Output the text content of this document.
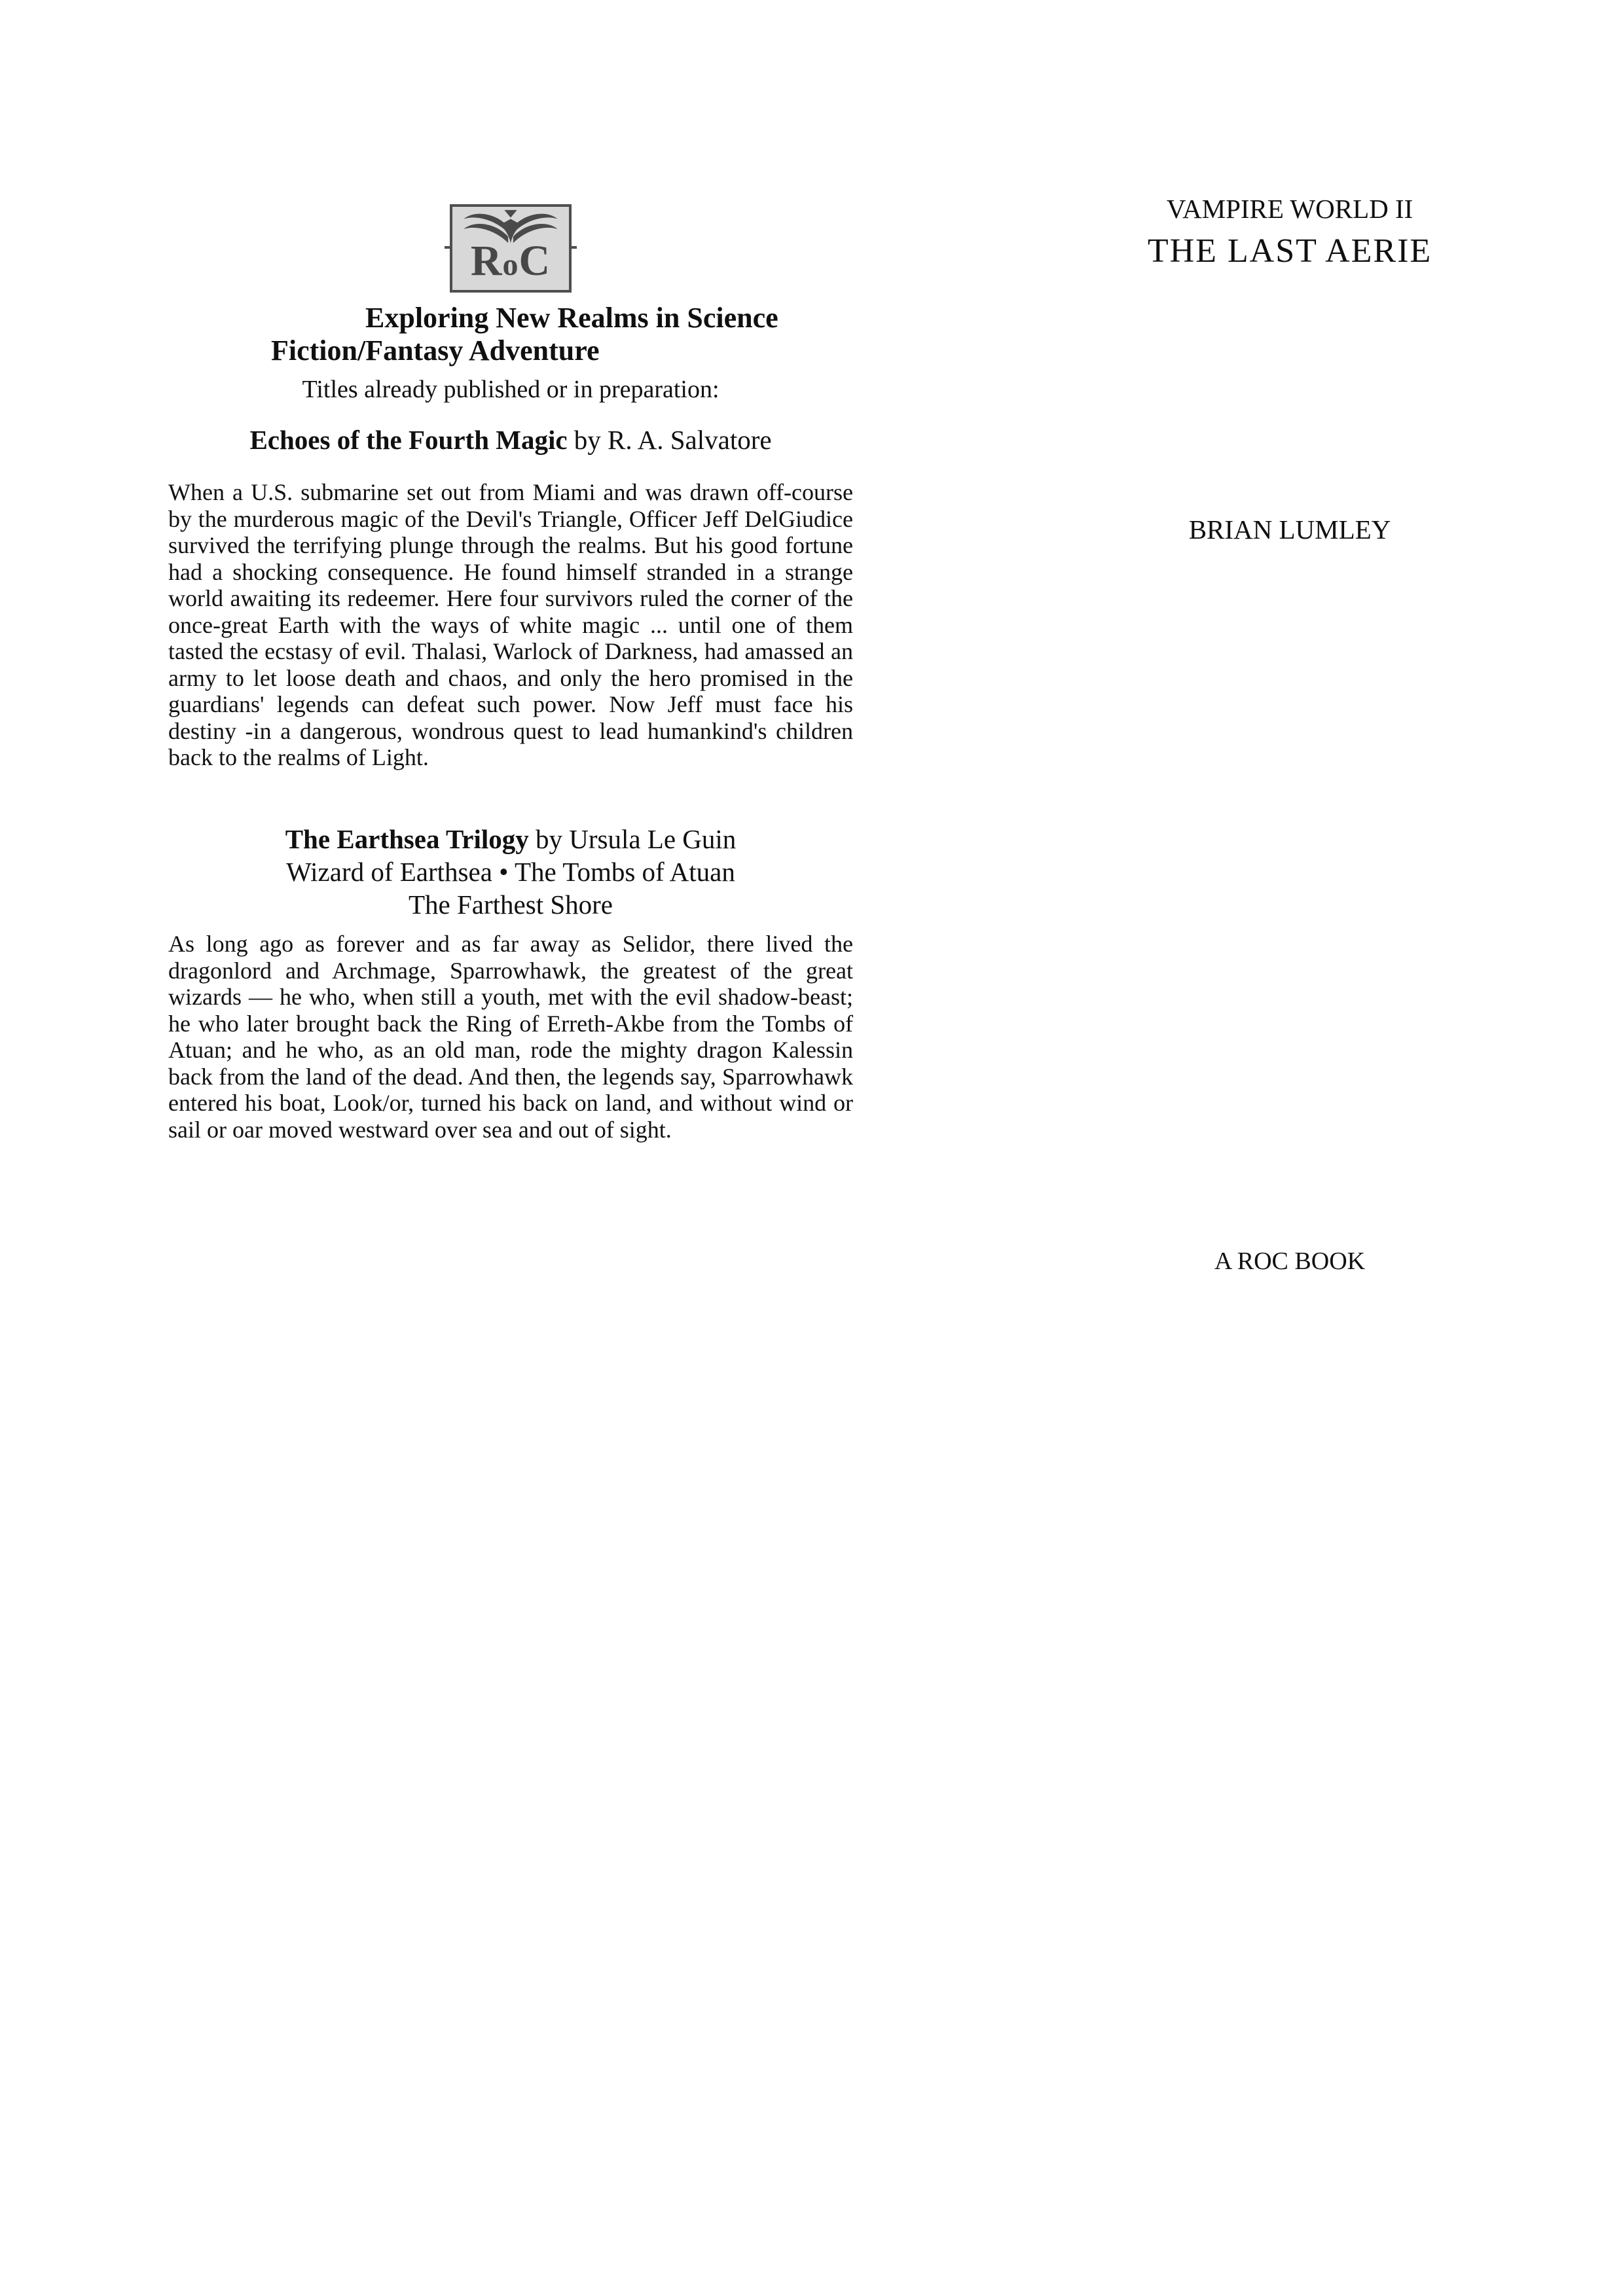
RoC
Exploring New Realms in Science
Fiction/Fantasy Adventure
Titles already published or in preparation:
Echoes of the Fourth Magic by R. A. Salvatore
When a U.S. submarine set out from Miami and was drawn off-course by the murderous magic of the Devil's Triangle, Officer Jeff DelGiudice survived the terrifying plunge through the realms. But his good fortune had a shocking consequence. He found himself stranded in a strange world awaiting its redeemer. Here four survivors ruled the corner of the once-great Earth with the ways of white magic ... until one of them tasted the ecstasy of evil. Thalasi, Warlock of Darkness, had amassed an army to let loose death and chaos, and only the hero promised in the guardians' legends can defeat such power. Now Jeff must face his destiny -in a dangerous, wondrous quest to lead humankind's children back to the realms of Light.
The Earthsea Trilogy by Ursula Le Guin
Wizard of Earthsea • The Tombs of Atuan
The Farthest Shore
As long ago as forever and as far away as Selidor, there lived the dragonlord and Archmage, Sparrowhawk, the greatest of the great wizards — he who, when still a youth, met with the evil shadow-beast; he who later brought back the Ring of Erreth-Akbe from the Tombs of Atuan; and he who, as an old man, rode the mighty dragon Kalessin back from the land of the dead. And then, the legends say, Sparrowhawk entered his boat, Look/or, turned his back on land, and without wind or sail or oar moved westward over sea and out of sight.
VAMPIRE WORLD II
THE LAST AERIE
BRIAN LUMLEY
A ROC BOOK
